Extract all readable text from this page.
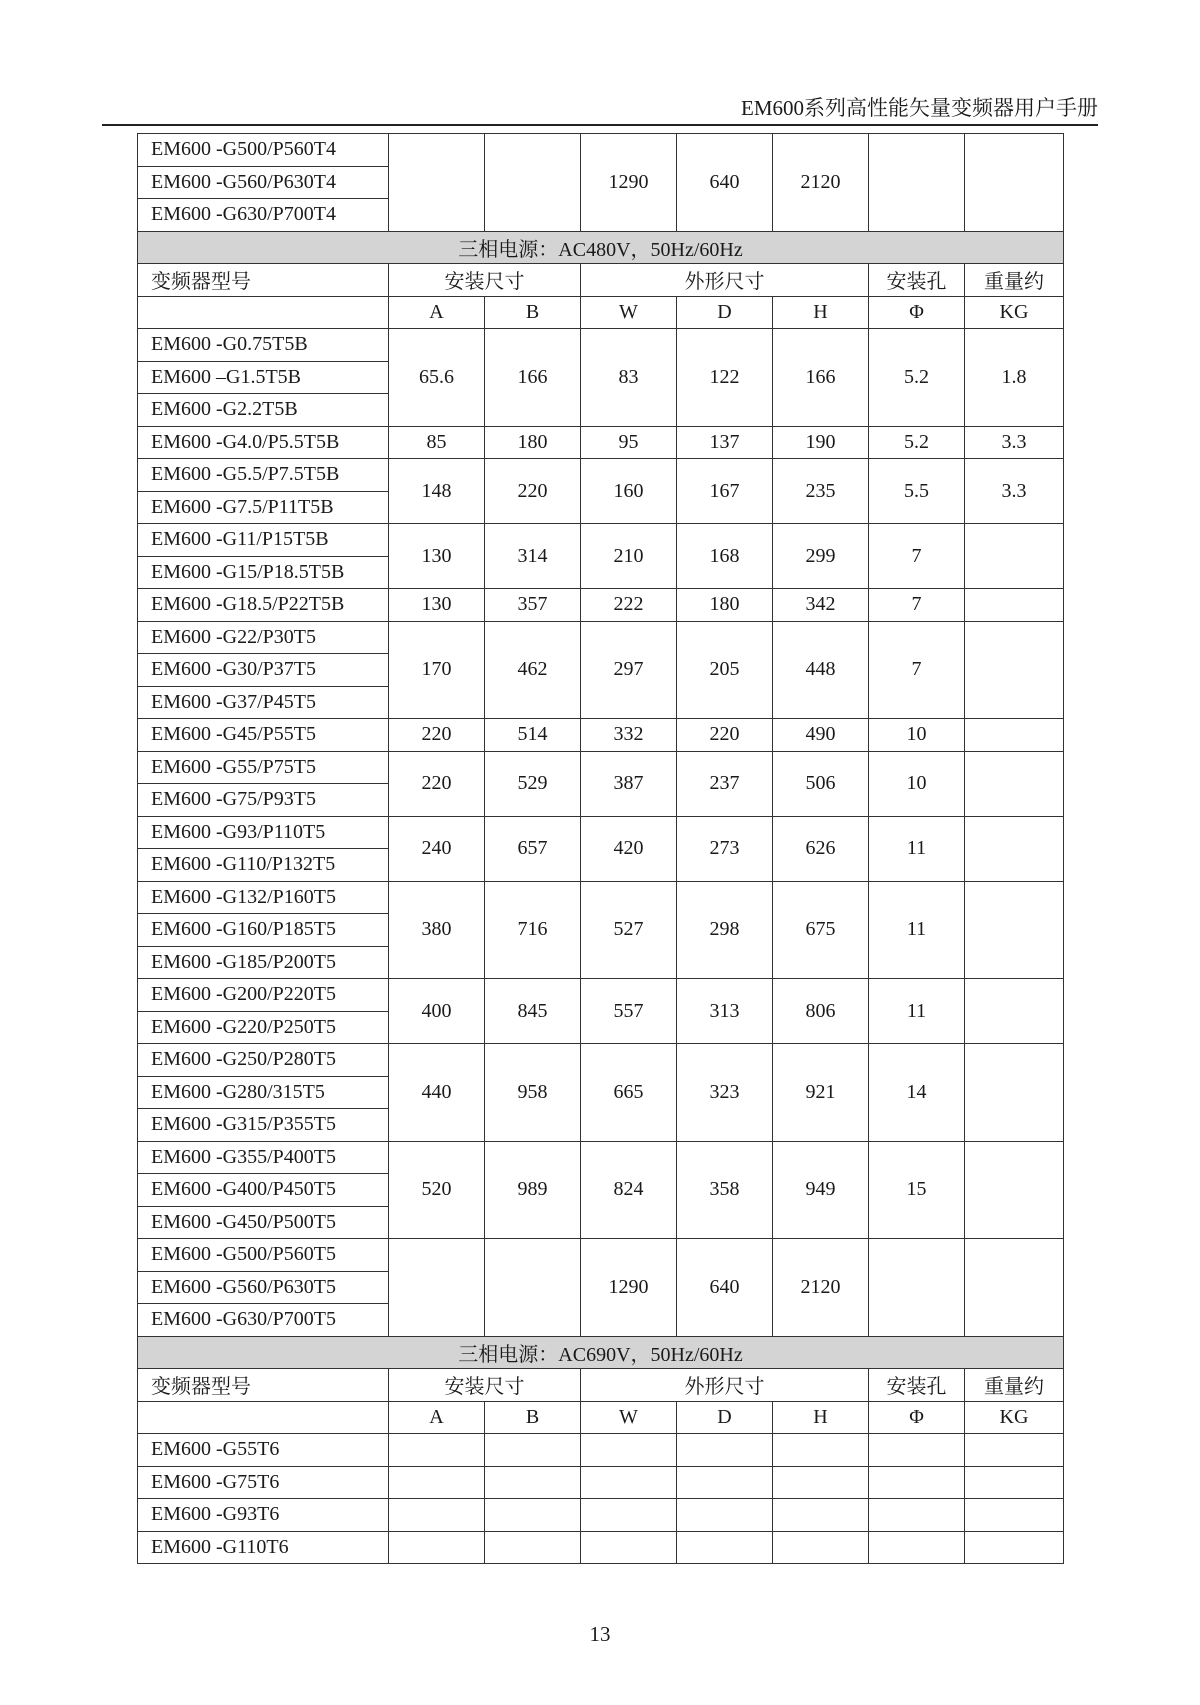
EM600系列高性能矢量变频器用户手册
EM600 -G500/P560T4			1290	640	2120		
EM600 -G560/P630T4							
EM600 -G630/P700T4							
三相电源：AC480V，50Hz/60Hz							
变频器型号	安装尺寸		外形尺寸			安装孔	重量约
	A	B	W	D	H	Φ	KG
EM600 -G0.75T5B	65.6	166	83	122	166	5.2	1.8
EM600 –G1.5T5B							
EM600 -G2.2T5B							
EM600 -G4.0/P5.5T5B	85	180	95	137	190	5.2	3.3
EM600 -G5.5/P7.5T5B	148	220	160	167	235	5.5	3.3
EM600 -G7.5/P11T5B							
EM600 -G11/P15T5B	130	314	210	168	299	7	
EM600 -G15/P18.5T5B							
EM600 -G18.5/P22T5B	130	357	222	180	342	7	
EM600 -G22/P30T5	170	462	297	205	448	7	
EM600 -G30/P37T5							
EM600 -G37/P45T5							
EM600 -G45/P55T5	220	514	332	220	490	10	
EM600 -G55/P75T5	220	529	387	237	506	10	
EM600 -G75/P93T5							
EM600 -G93/P110T5	240	657	420	273	626	11	
EM600 -G110/P132T5							
EM600 -G132/P160T5	380	716	527	298	675	11	
EM600 -G160/P185T5							
EM600 -G185/P200T5							
EM600 -G200/P220T5	400	845	557	313	806	11	
EM600 -G220/P250T5							
EM600 -G250/P280T5	440	958	665	323	921	14	
EM600 -G280/315T5							
EM600 -G315/P355T5							
EM600 -G355/P400T5	520	989	824	358	949	15	
EM600 -G400/P450T5							
EM600 -G450/P500T5							
EM600 -G500/P560T5			1290	640	2120		
EM600 -G560/P630T5							
EM600 -G630/P700T5							
三相电源：AC690V，50Hz/60Hz							
变频器型号	安装尺寸		外形尺寸			安装孔	重量约
	A	B	W	D	H	Φ	KG
EM600 -G55T6							
EM600 -G75T6							
EM600 -G93T6							
EM600 -G110T6							
13
